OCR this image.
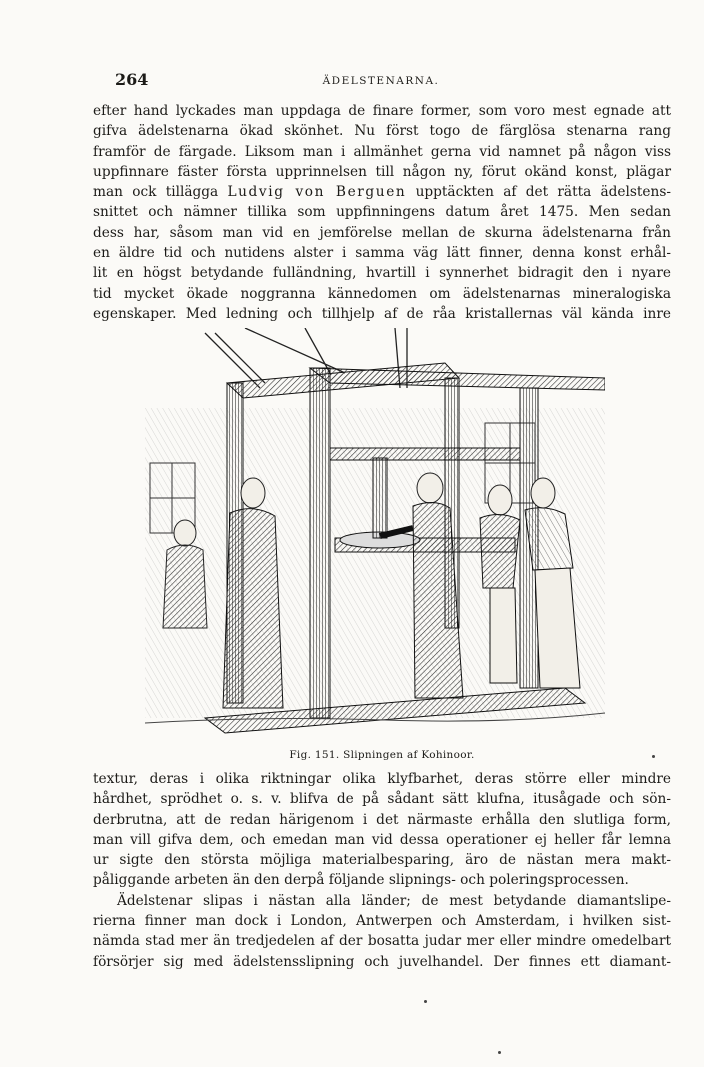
264	ÄDELSTENARNA.
efter hand lyckades man uppdaga de finare former, som voro mest egnade att
gifva ädelstenarna ökad skönhet. Nu först togo de färglösa stenarna rang
framför de färgade. Liksom man i allmänhet gerna vid namnet på någon viss
uppfinnare fäster första upprinnelsen till någon ny, förut okänd konst, plägar
man ock tillägga Ludvig von Berguen upptäckten af det rätta ädelstens-
snittet och nämner tillika som uppfinningens datum året 1475. Men sedan
dess har, såsom man vid en jemförelse mellan de skurna ädelstenarna från
en äldre tid och nutidens alster i samma väg lätt finner, denna konst erhål-
lit en högst betydande fulländning, hvartill i synnerhet bidragit den i nyare
tid mycket ökade noggranna kännedomen om ädelstenarnas mineralogiska
egenskaper. Med ledning och tillhjelp af de råa kristallernas väl kända inre
Fig. 151. Slipningen af Kohinoor.
textur, deras i olika riktningar olika klyfbarhet, deras större eller mindre
hårdhet, sprödhet o. s. v. blifva de på sådant sätt klufna, itusågade och sön-
derbrutna, att de redan härigenom i det närmaste erhålla den slutliga form,
man vill gifva dem, och emedan man vid dessa operationer ej heller får lemna
ur sigte den största möjliga materialbesparing, äro de nästan mera makt-
påliggande arbeten än den derpå följande slipnings- och poleringsprocessen.
Ädelstenar slipas i nästan alla länder; de mest betydande diamantslipe-
rierna finner man dock i London, Antwerpen och Amsterdam, i hvilken sist-
nämda stad mer än tredjedelen af der bosatta judar mer eller mindre omedelbart
försörjer sig med ädelstensslipning och juvelhandel. Der finnes ett diamant-
